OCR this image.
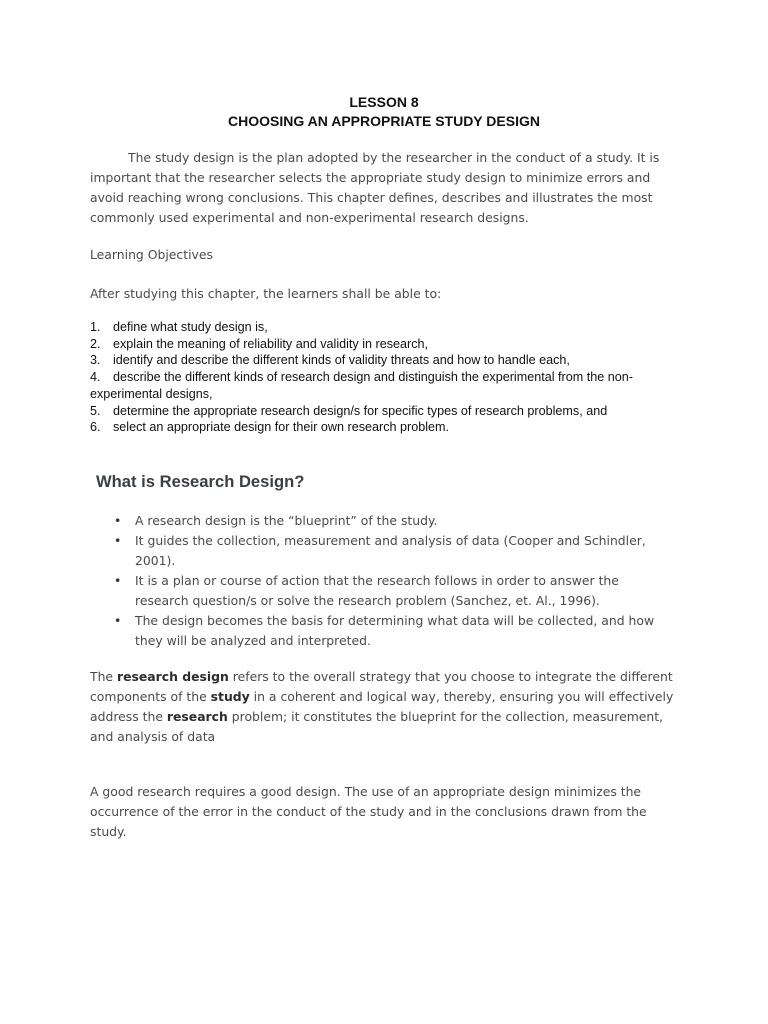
LESSON 8
CHOOSING AN APPROPRIATE STUDY DESIGN

The study design is the plan adopted by the researcher in the conduct of a study. It is important that the researcher selects the appropriate study design to minimize errors and avoid reaching wrong conclusions. This chapter defines, describes and illustrates the most commonly used experimental and non-experimental research designs.

Learning Objectives

After studying this chapter, the learners shall be able to:

1. define what study design is,
2. explain the meaning of reliability and validity in research,
3. identify and describe the different kinds of validity threats and how to handle each,
4. describe the different kinds of research design and distinguish the experimental from the non-experimental designs,
5. determine the appropriate research design/s for specific types of research problems, and
6. select an appropriate design for their own research problem.
What is Research Design?
• A research design is the “blueprint” of the study.
• It guides the collection, measurement and analysis of data (Cooper and Schindler, 2001).
• It is a plan or course of action that the research follows in order to answer the research question/s or solve the research problem (Sanchez, et. Al., 1996).
• The design becomes the basis for determining what data will be collected, and how they will be analyzed and interpreted.

The research design refers to the overall strategy that you choose to integrate the different components of the study in a coherent and logical way, thereby, ensuring you will effectively address the research problem; it constitutes the blueprint for the collection, measurement, and analysis of data

A good research requires a good design. The use of an appropriate design minimizes the occurrence of the error in the conduct of the study and in the conclusions drawn from the study.
